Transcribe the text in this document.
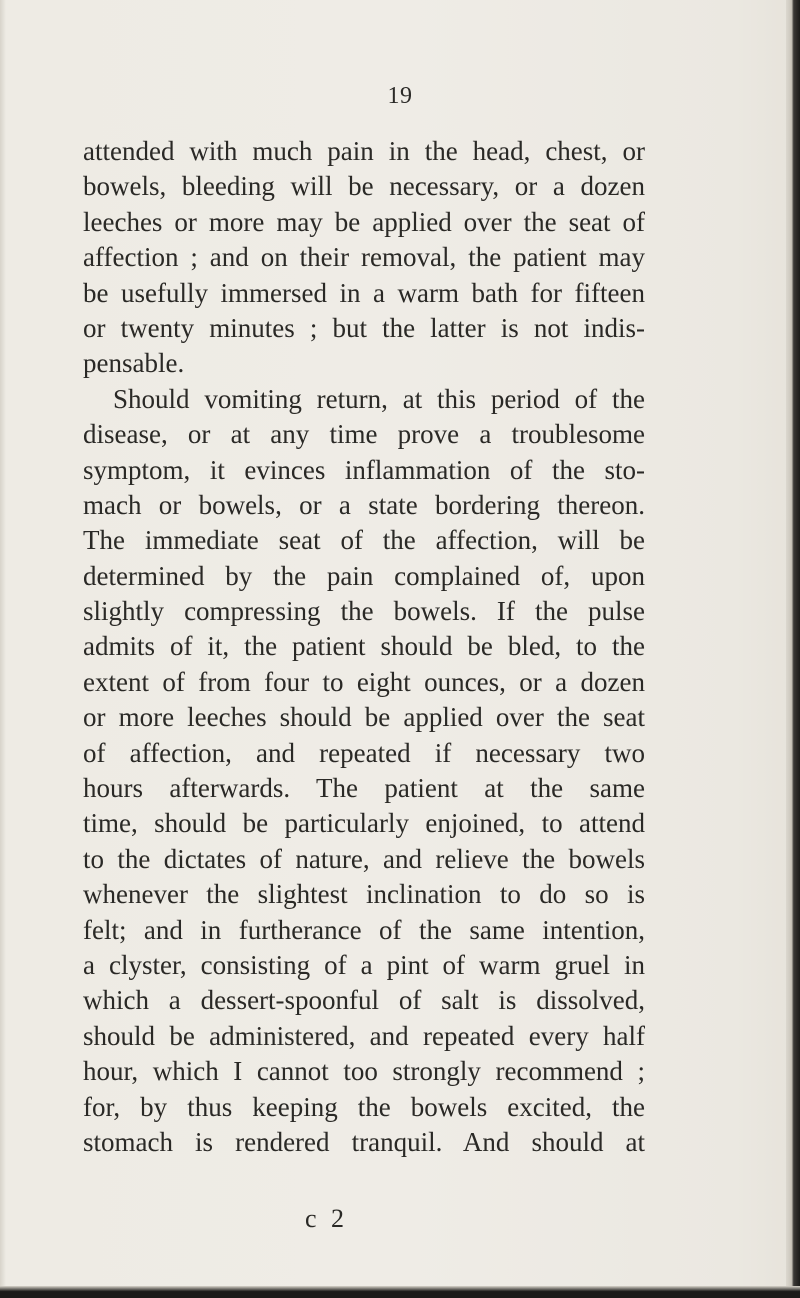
19
attended with much pain in the head, chest, or
bowels, bleeding will be necessary, or a dozen
leeches or more may be applied over the seat of
affection ; and on their removal, the patient may
be usefully immersed in a warm bath for fifteen
or twenty minutes ; but the latter is not indis-
pensable.
Should vomiting return, at this period of the
disease, or at any time prove a troublesome
symptom, it evinces inflammation of the sto-
mach or bowels, or a state bordering thereon.
The immediate seat of the affection, will be
determined by the pain complained of, upon
slightly compressing the bowels. If the pulse
admits of it, the patient should be bled, to the
extent of from four to eight ounces, or a dozen
or more leeches should be applied over the seat
of affection, and repeated if necessary two
hours afterwards. The patient at the same
time, should be particularly enjoined, to attend
to the dictates of nature, and relieve the bowels
whenever the slightest inclination to do so is
felt; and in furtherance of the same intention,
a clyster, consisting of a pint of warm gruel in
which a dessert-spoonful of salt is dissolved,
should be administered, and repeated every half
hour, which I cannot too strongly recommend ;
for, by thus keeping the bowels excited, the
stomach is rendered tranquil. And should at
c 2
